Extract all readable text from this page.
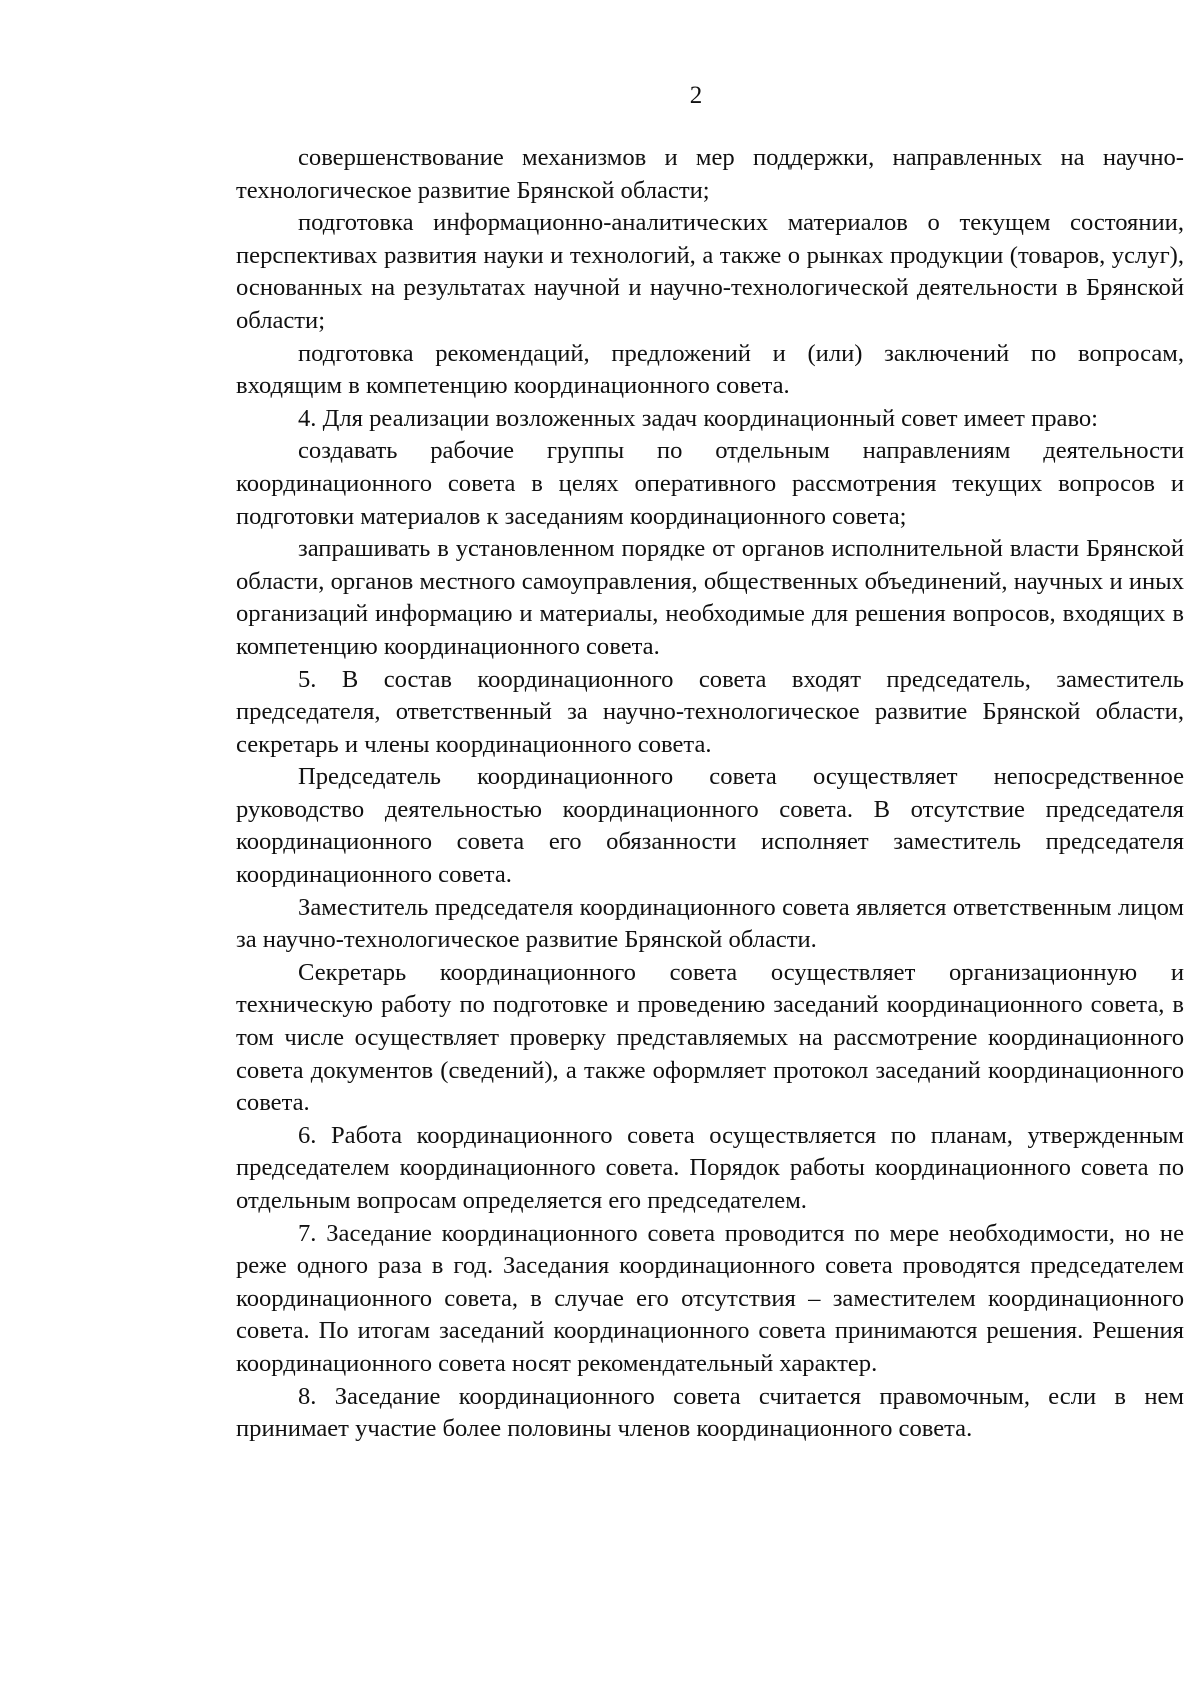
2

совершенствование механизмов и мер поддержки, направленных на научно-технологическое развитие Брянской области;

подготовка информационно-аналитических материалов о текущем состоянии, перспективах развития науки и технологий, а также о рынках продукции (товаров, услуг), основанных на результатах научной и научно-технологической деятельности в Брянской области;

подготовка рекомендаций, предложений и (или) заключений по вопросам, входящим в компетенцию координационного совета.

4. Для реализации возложенных задач координационный совет имеет право:

создавать рабочие группы по отдельным направлениям деятельности координационного совета в целях оперативного рассмотрения текущих вопросов и подготовки материалов к заседаниям координационного совета;

запрашивать в установленном порядке от органов исполнительной власти Брянской области, органов местного самоуправления, общественных объединений, научных и иных организаций информацию и материалы, необходимые для решения вопросов, входящих в компетенцию координационного совета.

5. В состав координационного совета входят председатель, заместитель председателя, ответственный за научно-технологическое развитие Брянской области, секретарь и члены координационного совета.

Председатель координационного совета осуществляет непосредственное руководство деятельностью координационного совета. В отсутствие председателя координационного совета его обязанности исполняет заместитель председателя координационного совета.

Заместитель председателя координационного совета является ответственным лицом за научно-технологическое развитие Брянской области.

Секретарь координационного совета осуществляет организационную и техническую работу по подготовке и проведению заседаний координационного совета, в том числе осуществляет проверку представляемых на рассмотрение координационного совета документов (сведений), а также оформляет протокол заседаний координационного совета.

6. Работа координационного совета осуществляется по планам, утвержденным председателем координационного совета. Порядок работы координационного совета по отдельным вопросам определяется его председателем.

7. Заседание координационного совета проводится по мере необходимости, но не реже одного раза в год. Заседания координационного совета проводятся председателем координационного совета, в случае его отсутствия – заместителем координационного совета. По итогам заседаний координационного совета принимаются решения. Решения координационного совета носят рекомендательный характер.

8. Заседание координационного совета считается правомочным, если в нем принимает участие более половины членов координационного совета.
